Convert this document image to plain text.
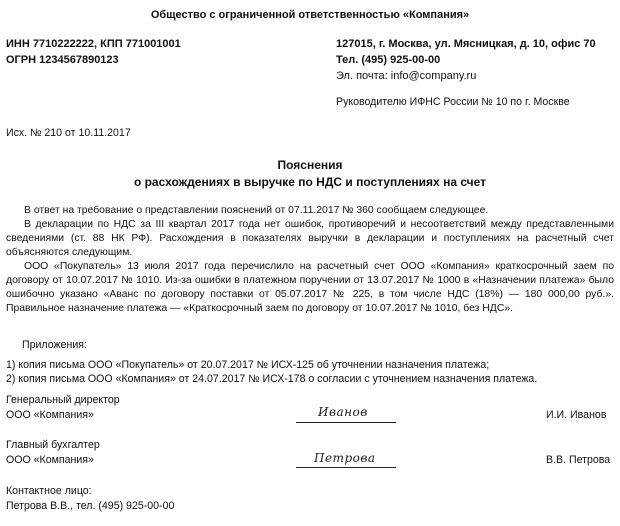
Общество с ограниченной ответственностью «Компания»
ИНН 7710222222, КПП 771001001
ОГРН 1234567890123
127015, г. Москва, ул. Мясницкая, д. 10, офис 70
Тел. (495) 925-00-00
Эл. почта: info@company.ru
Руководителю ИФНС России № 10 по г. Москве
Исх. № 210 от 10.11.2017
Пояснения
о расхождениях в выручке по НДС и поступлениях на счет

В ответ на требование о представлении пояснений от 07.11.2017 № 360 сообщаем следующее.

В декларации по НДС за III квартал 2017 года нет ошибок, противоречий и несоответствий между представленными сведениями (ст. 88 НК РФ). Расхождения в показателях выручки в декларации и поступлениях на расчетный счет объясняются следующим.

ООО «Покупатель» 13 июля 2017 года перечислило на расчетный счет ООО «Компания» краткосрочный заем по договору от 10.07.2017 № 1010. Из-за ошибки в платежном поручении от 13.07.2017 № 1000 в «Назначении платежа» было ошибочно указано «Аванс по договору поставки от 05.07.2017 № 225, в том числе НДС (18%) — 180 000,00 руб.». Правильное назначение платежа — «Краткосрочный заем по договору от 10.07.2017 № 1010, без НДС».

Приложения:

1) копия письма ООО «Покупатель» от 20.07.2017 № ИСХ-125 об уточнении назначения платежа;

2) копия письма ООО «Компания» от 24.07.2017 № ИСХ-178 о согласии с уточнением назначения платежа.

Генеральный директор
ООО «Компания»	Иванов	И.И. Иванов
Главный бухгалтер
ООО «Компания»	Петрова	В.В. Петрова
Контактное лицо:
Петрова В.В., тел. (495) 925-00-00
